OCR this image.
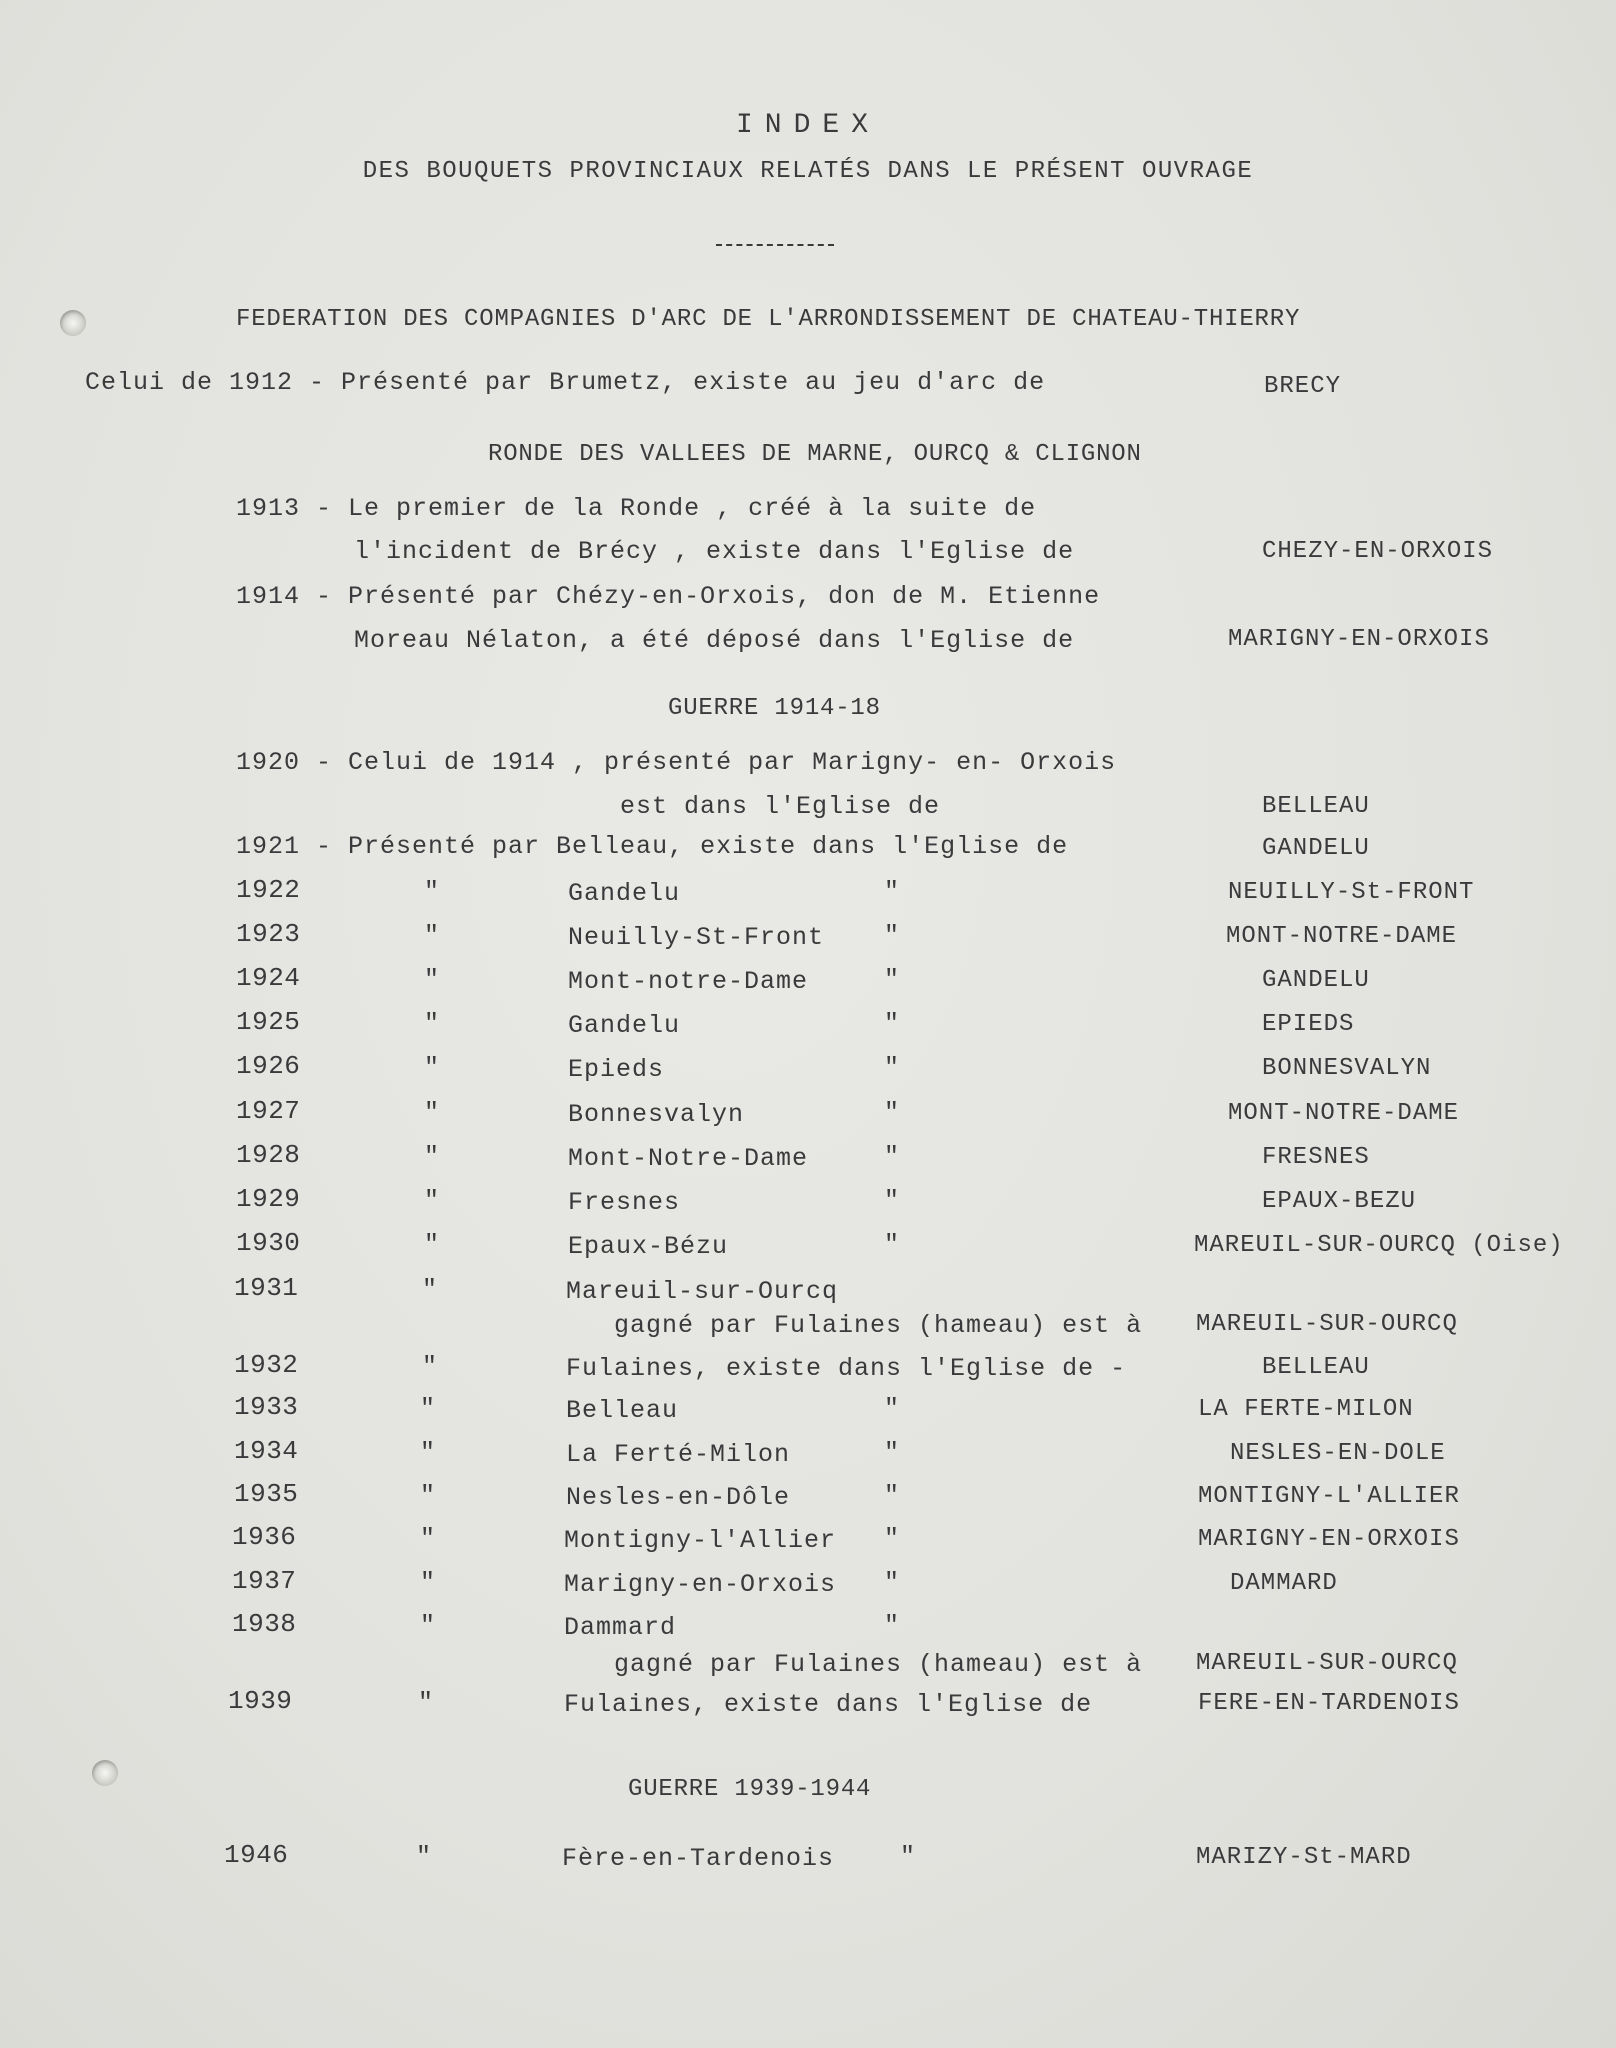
INDEX
DES BOUQUETS PROVINCIAUX RELATÉS DANS LE PRÉSENT OUVRAGE
FEDERATION DES COMPAGNIES D'ARC DE L'ARRONDISSEMENT DE CHATEAU-THIERRY
Celui de 1912 - Présenté par Brumetz, existe au jeu d'arc de	BRECY
RONDE DES VALLEES DE MARNE, OURCQ & CLIGNON
1913 - Le premier de la Ronde , créé à la suite de
l'incident de Brécy , existe dans l'Eglise de	CHEZY-EN-ORXOIS
1914 - Présenté par Chézy-en-Orxois, don de M. Etienne
Moreau Nélaton, a été déposé dans l'Eglise de	MARIGNY-EN-ORXOIS
GUERRE 1914-18
1920 - Celui de 1914 , présenté par Marigny- en- Orxois
est dans l'Eglise de	BELLEAU
1921 - Présenté par Belleau, existe dans l'Eglise de	GANDELU
1922	"	Gandelu	"	NEUILLY-St-FRONT
1923	"	Neuilly-St-Front "	MONT-NOTRE-DAME
1924	"	Mont-notre-Dame	"	GANDELU
1925	"	Gandelu	"	EPIEDS
1926	"	Epieds	"	BONNESVALYN
1927	"	Bonnesvalyn	"	MONT-NOTRE-DAME
1928	"	Mont-Notre-Dame	"	FRESNES
1929	"	Fresnes	"	EPAUX-BEZU
1930	"	Epaux-Bézu	"	MAREUIL-SUR-OURCQ (Oise)
1931	"	Mareuil-sur-Ourcq
gagné par Fulaines (hameau) est à MAREUIL-SUR-OURCQ
1932	"	Fulaines, existe dans l'Eglise de -	BELLEAU
1933	"	Belleau	"	LA FERTE-MILON
1934	"	La Ferté-Milon	"	NESLES-EN-DOLE
1935	"	Nesles-en-Dôle	"	MONTIGNY-L'ALLIER
1936	"	Montigny-l'Allier "	MARIGNY-EN-ORXOIS
1937	"	Marigny-en-Orxois "	DAMMARD
1938	"	Dammard	"
gagné par Fulaines (hameau) est à MAREUIL-SUR-OURCQ
1939	"	Fulaines, existe dans l'Eglise de	FERE-EN-TARDENOIS
GUERRE 1939-1944
1946	"	Fère-en-Tardenois	"	MARIZY-St-MARD
